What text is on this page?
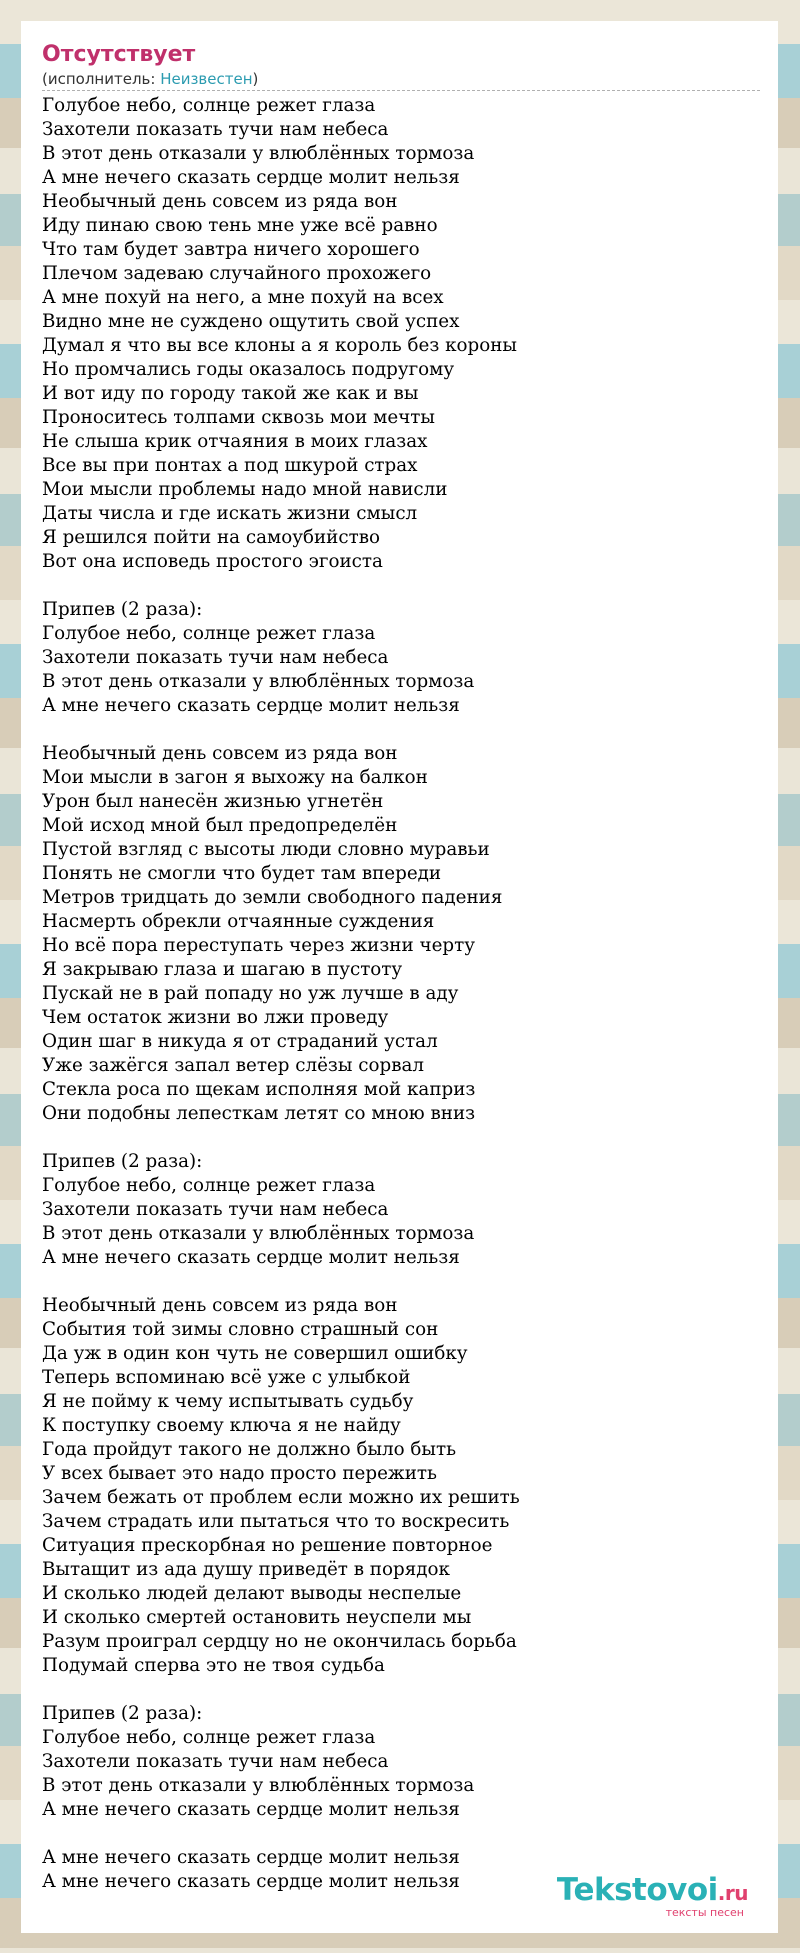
Отсутствует
(исполнитель: Неизвестен)
Голубое небо, солнце режет глаза
Захотели показать тучи нам небеса
В этот день отказали у влюблённых тормоза
А мне нечего сказать сердце молит нельзя
Необычный день совсем из ряда вон
Иду пинаю свою тень мне уже всё равно
Что там будет завтра ничего хорошего
Плечом задеваю случайного прохожего
А мне похуй на него, а мне похуй на всех
Видно мне не суждено ощутить свой успех
Думал я что вы все клоны а я король без короны
Но промчались годы оказалось подругому
И вот иду по городу такой же как и вы
Проноситесь толпами сквозь мои мечты
Не слыша крик отчаяния в моих глазах
Все вы при понтах а под шкурой страх
Мои мысли проблемы надо мной нависли
Даты числа и где искать жизни смысл
Я решился пойти на самоубийство
Вот она исповедь простого эгоиста
Припев (2 раза):
Голубое небо, солнце режет глаза
Захотели показать тучи нам небеса
В этот день отказали у влюблённых тормоза
А мне нечего сказать сердце молит нельзя
Необычный день совсем из ряда вон
Мои мысли в загон я выхожу на балкон
Урон был нанесён жизнью угнетён
Мой исход мной был предопределён
Пустой взгляд с высоты люди словно муравьи
Понять не смогли что будет там впереди
Метров тридцать до земли свободного падения
Насмерть обрекли отчаянные суждения
Но всё пора переступать через жизни черту
Я закрываю глаза и шагаю в пустоту
Пускай не в рай попаду но уж лучше в аду
Чем остаток жизни во лжи проведу
Один шаг в никуда я от страданий устал
Уже зажёгся запал ветер слёзы сорвал
Стекла роса по щекам исполняя мой каприз
Они подобны лепесткам летят со мною вниз
Припев (2 раза):
Голубое небо, солнце режет глаза
Захотели показать тучи нам небеса
В этот день отказали у влюблённых тормоза
А мне нечего сказать сердце молит нельзя
Необычный день совсем из ряда вон
События той зимы словно страшный сон
Да уж в один кон чуть не совершил ошибку
Теперь вспоминаю всё уже с улыбкой
Я не пойму к чему испытывать судьбу
К поступку своему ключа я не найду
Года пройдут такого не должно было быть
У всех бывает это надо просто пережить
Зачем бежать от проблем если можно их решить
Зачем страдать или пытаться что то воскресить
Ситуация прескорбная но решение повторное
Вытащит из ада душу приведёт в порядок
И сколько людей делают выводы неспелые
И сколько смертей остановить неуспели мы
Разум проиграл сердцу но не окончилась борьба
Подумай сперва это не твоя судьба
Припев (2 раза):
Голубое небо, солнце режет глаза
Захотели показать тучи нам небеса
В этот день отказали у влюблённых тормоза
А мне нечего сказать сердце молит нельзя
А мне нечего сказать сердце молит нельзя
А мне нечего сказать сердце молит нельзя	Tekstovoi.ru
тексты песен
